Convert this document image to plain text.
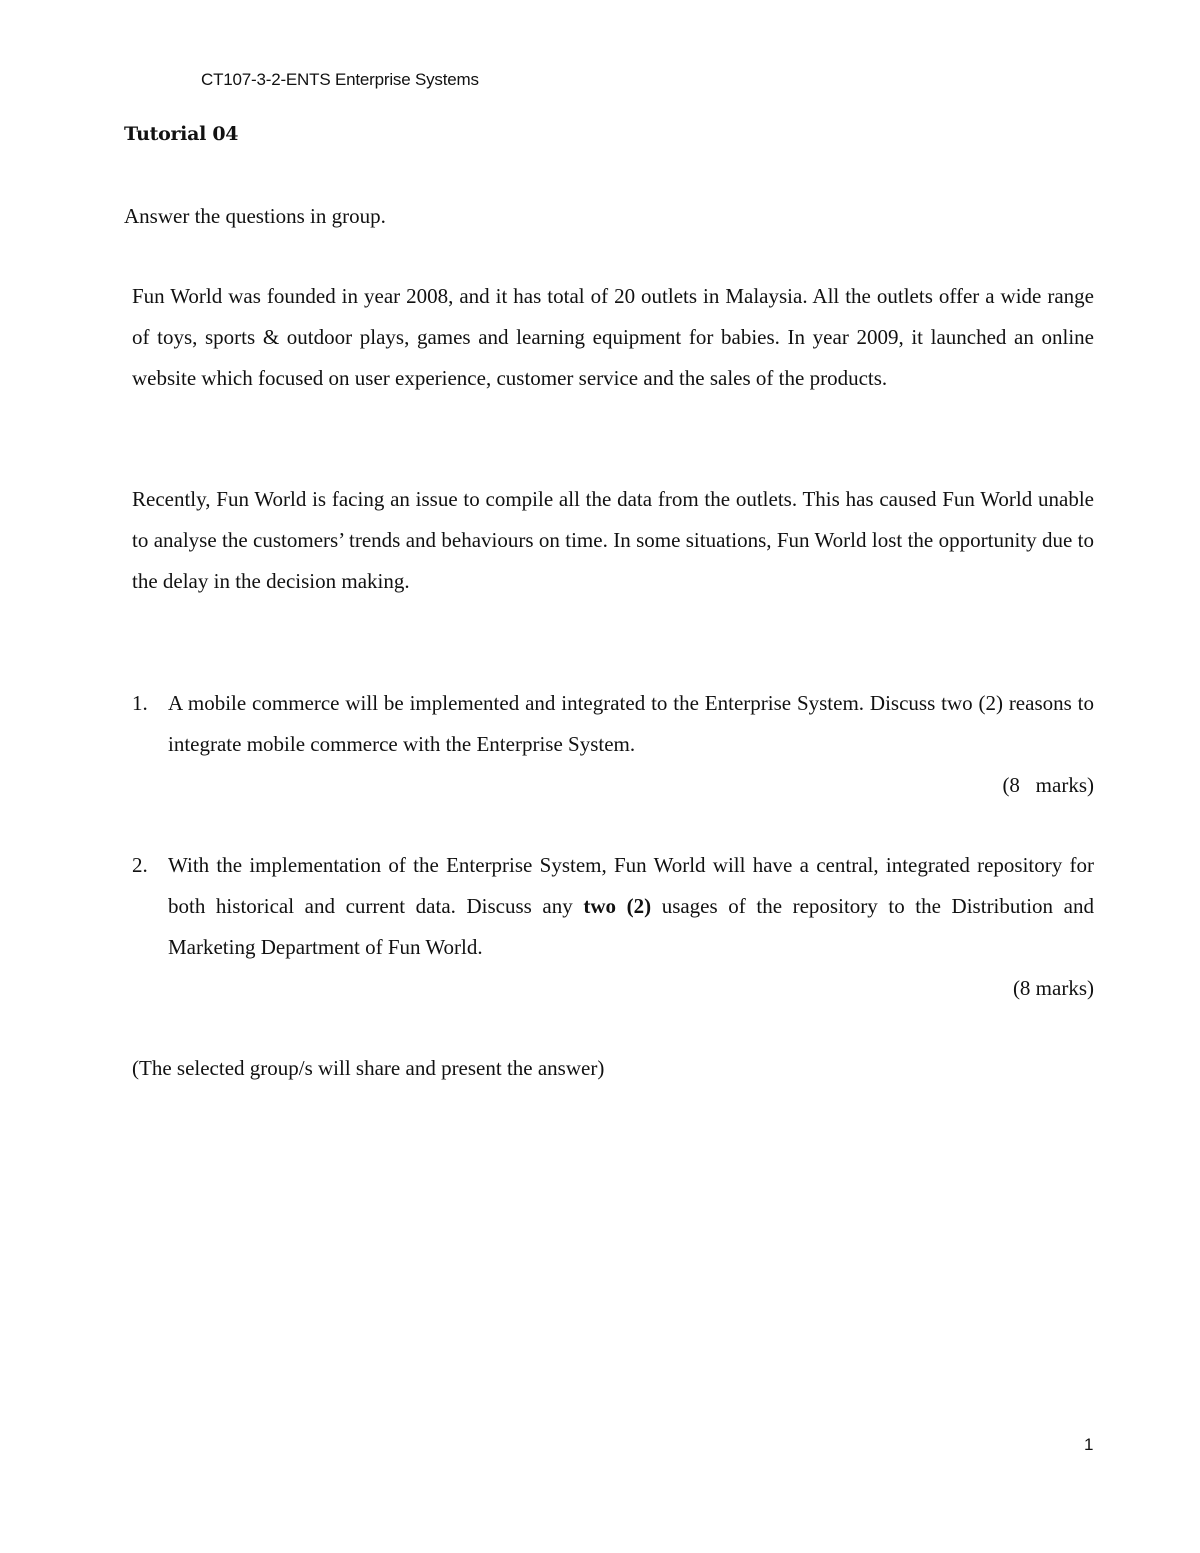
CT107-3-2-ENTS Enterprise Systems
Tutorial 04
Answer the questions in group.

Fun World was founded in year 2008, and it has total of 20 outlets in Malaysia. All the outlets offer a wide range of toys, sports & outdoor plays, games and learning equipment for babies. In year 2009, it launched an online website which focused on user experience, customer service and the sales of the products.

Recently, Fun World is facing an issue to compile all the data from the outlets. This has caused Fun World unable to analyse the customers’ trends and behaviours on time. In some situations, Fun World lost the opportunity due to the delay in the decision making.

1. A mobile commerce will be implemented and integrated to the Enterprise System. Discuss two (2) reasons to integrate mobile commerce with the Enterprise System.
(8   marks)
2. With the implementation of the Enterprise System, Fun World will have a central, integrated repository for both historical and current data. Discuss any two (2) usages of the repository to the Distribution and Marketing Department of Fun World.
(8 marks)
(The selected group/s will share and present the answer)
1
